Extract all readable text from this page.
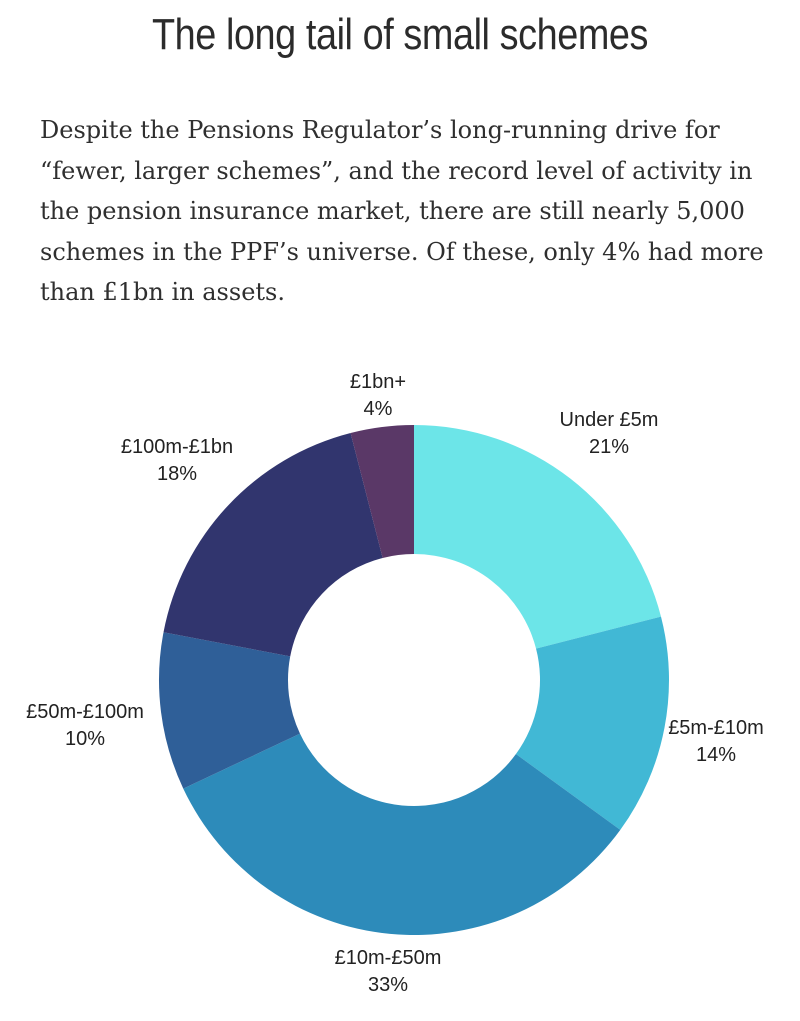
The long tail of small schemes

Despite the Pensions Regulator’s long-running drive for “fewer, larger schemes”, and the record level of activity in the pension insurance market, there are still nearly 5,000 schemes in the PPF’s universe. Of these, only 4% had more than £1bn in assets.

Under £5m
21%
£5m-£10m
14%
£10m-£50m
33%
£50m-£100m
10%
£100m-£1bn
18%
£1bn+
4%
